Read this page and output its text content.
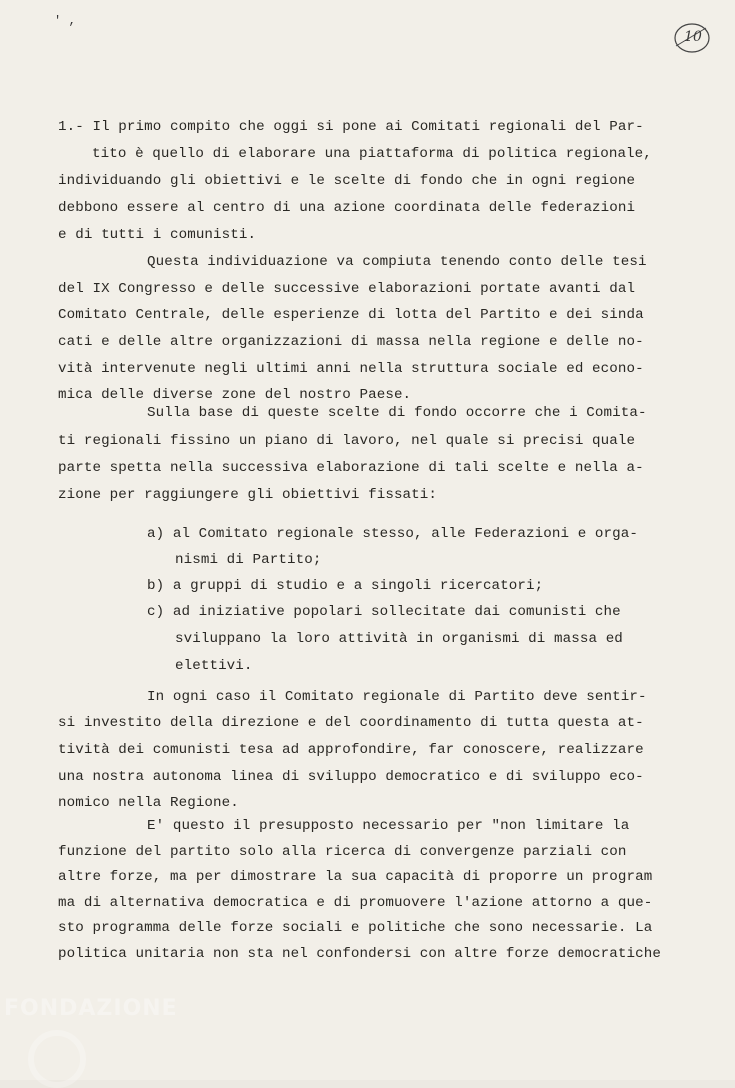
' ,
10

1.- Il primo compito che oggi si pone ai Comitati regionali del Par-

tito è quello di elaborare una piattaforma di politica regionale,

individuando gli obiettivi e le scelte di fondo che in ogni regione

debbono essere al centro di una azione coordinata delle federazioni

e di tutti i comunisti.

Questa individuazione va compiuta tenendo conto delle tesi

del IX Congresso e delle successive elaborazioni portate avanti dal

Comitato Centrale, delle esperienze di lotta del Partito e dei sinda

cati e delle altre organizzazioni di massa nella regione e delle no-

vità intervenute negli ultimi anni nella struttura sociale ed econo-

mica delle diverse zone del nostro Paese.

Sulla base di queste scelte di fondo occorre che i Comita-

ti regionali fissino un piano di lavoro, nel quale si precisi quale

parte spetta nella successiva elaborazione di tali scelte e nella a-

zione per raggiungere gli obiettivi fissati:

a) al Comitato regionale stesso, alle Federazioni e orga-

nismi di Partito;

b) a gruppi di studio e a singoli ricercatori;

c) ad iniziative popolari sollecitate dai comunisti che

sviluppano la loro attività in organismi di massa ed

elettivi.

In ogni caso il Comitato regionale di Partito deve sentir-

si investito della direzione e del coordinamento di tutta questa at-

tività dei comunisti tesa ad approfondire, far conoscere, realizzare

una nostra autonoma linea di sviluppo democratico e di sviluppo eco-

nomico nella Regione.

E' questo il presupposto necessario per "non limitare la

funzione del partito solo alla ricerca di convergenze parziali con

altre forze, ma per dimostrare la sua capacità di proporre un program

ma di alternativa democratica e di promuovere l'azione attorno a que-

sto programma delle forze sociali e politiche che sono necessarie. La

politica unitaria non sta nel confondersi con altre forze democratiche

FONDAZIONE
